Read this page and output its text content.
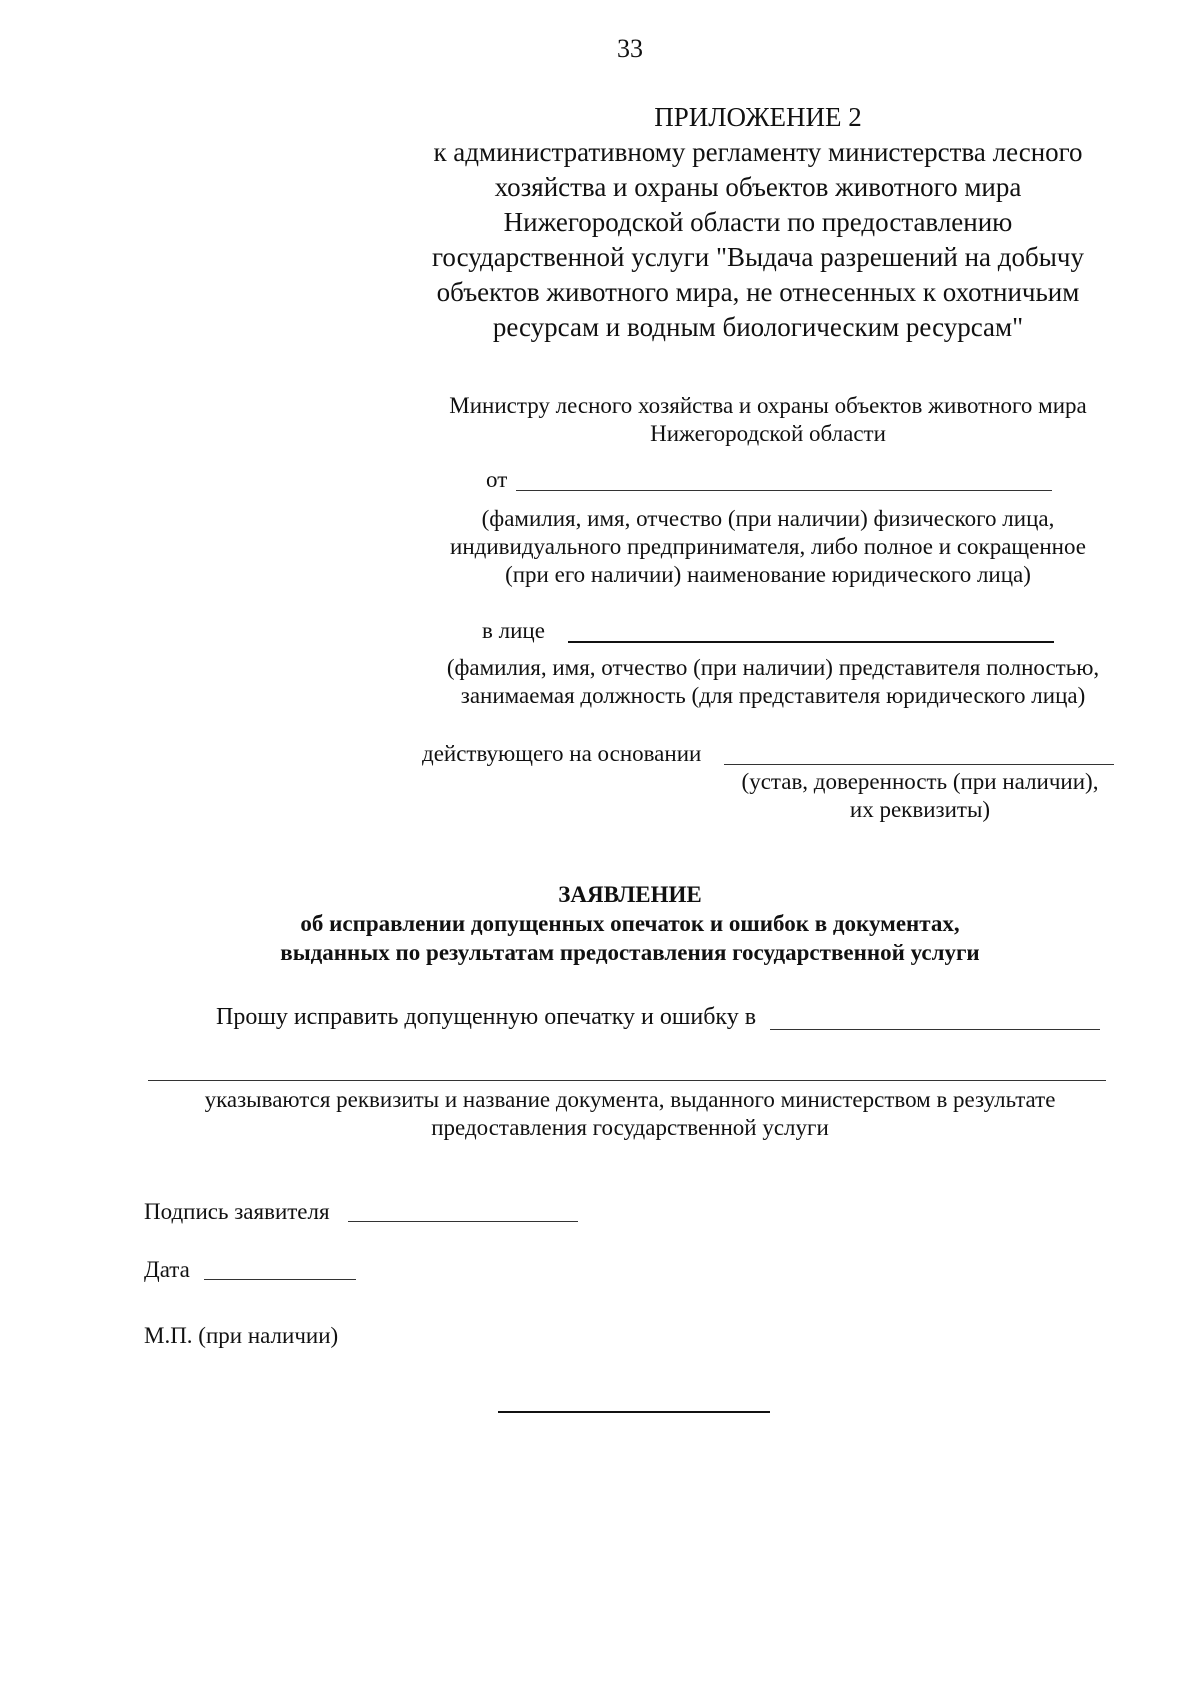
33

ПРИЛОЖЕНИЕ 2

к административному регламенту министерства лесного

хозяйства и охраны объектов животного мира

Нижегородской области по предоставлению

государственной услуги "Выдача разрешений на добычу

объектов животного мира, не отнесенных к охотничьим

ресурсам и водным биологическим ресурсам"

Министру лесного хозяйства и охраны объектов животного мира

Нижегородской области

от
(фамилия, имя, отчество (при наличии) физического лица,
индивидуального предпринимателя, либо полное и сокращенное
(при его наличии) наименование юридического лица)
в лице
(фамилия, имя, отчество (при наличии) представителя полностью,
занимаемая должность (для представителя юридического лица)
действующего на основании
(устав, доверенность (при наличии),
их реквизиты)

ЗАЯВЛЕНИЕ

об исправлении допущенных опечаток и ошибок в документах,

выданных по результатам предоставления государственной услуги

Прошу исправить допущенную опечатку и ошибку в
указываются реквизиты и название документа, выданного министерством в результате
предоставления государственной услуги
Подпись заявителя
Дата
М.П. (при наличии)
